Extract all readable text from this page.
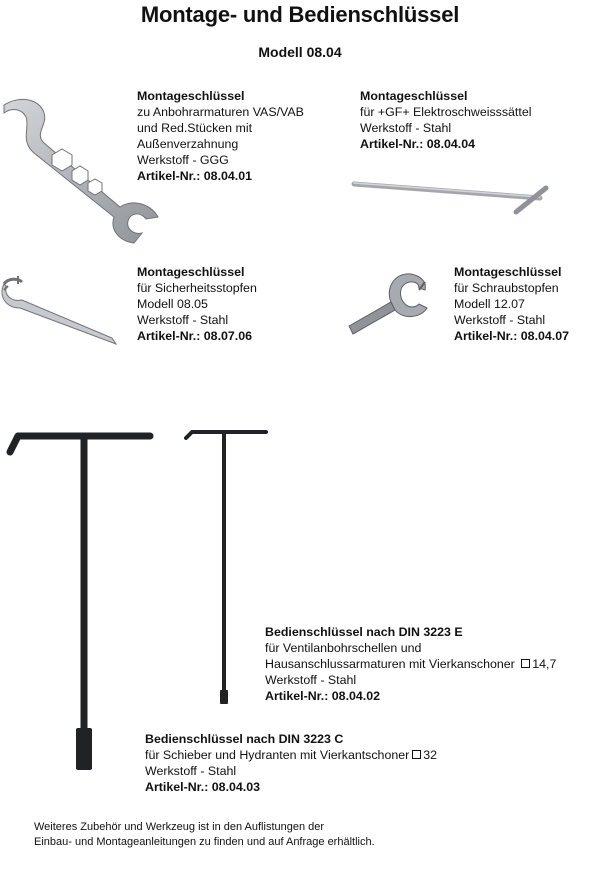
Montage- und Bedienschlüssel
Modell 08.04
Montageschlüssel
zu Anbohrarmaturen VAS/VAB
und Red.Stücken mit
Außenverzahnung
Werkstoff - GGG
Artikel-Nr.: 08.04.01
Montageschlüssel
für +GF+ Elektroschweisssättel
Werkstoff - Stahl
Artikel-Nr.: 08.04.04
Montageschlüssel
für Sicherheitsstopfen
Modell 08.05
Werkstoff - Stahl
Artikel-Nr.: 08.07.06
Montageschlüssel
für Schraubstopfen
Modell 12.07
Werkstoff - Stahl
Artikel-Nr.: 08.04.07
Bedienschlüssel nach DIN 3223 E
für Ventilanbohrschellen und
Hausanschlussarmaturen mit Vierkanschoner 14,7
Werkstoff - Stahl
Artikel-Nr.: 08.04.02
Bedienschlüssel nach DIN 3223 C
für Schieber und Hydranten mit Vierkantschoner 32
Werkstoff - Stahl
Artikel-Nr.: 08.04.03
Weiteres Zubehör und Werkzeug ist in den Auflistungen der
Einbau- und Montageanleitungen zu finden und auf Anfrage erhältlich.
